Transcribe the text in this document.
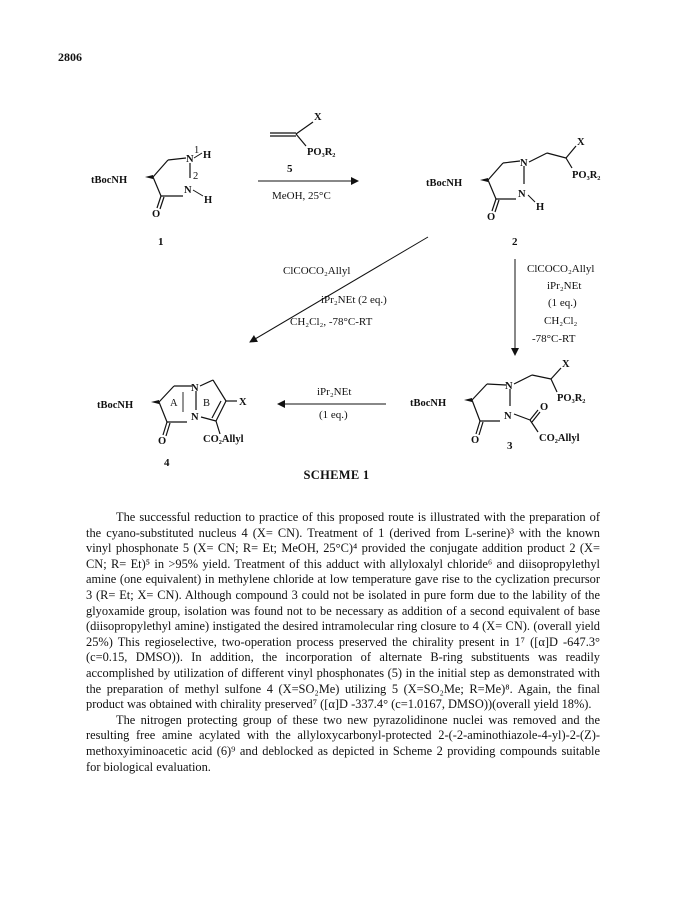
2806
X
PO₃R₂
5
MeOH, 25°C
tBocNH
O
N
1 H
2
N
H
1
tBocNH
O
N
X
PO₃R₂
N
H
2
ClCOCO₂Allyl
iPr₂NEt (2 eq.)
CH₂Cl₂, -78°C-RT
ClCOCO₂Allyl
iPr₂NEt
(1 eq.)
CH₂Cl₂
-78°C-RT
tBocNH
O
N
X
PO₃R₂
N
O
CO₂Allyl
3
iPr₂NEt
(1 eq.)
tBocNH
O
N
N
X
CO₂Allyl
A B
4
SCHEME 1

The successful reduction to practice of this proposed route is illustrated with the preparation of the cyano-substituted nucleus 4 (X= CN). Treatment of 1 (derived from L-serine)³ with the known vinyl phosphonate 5 (X= CN; R= Et; MeOH, 25°C)⁴ provided the conjugate addition product 2 (X= CN; R= Et)⁵ in >95% yield. Treatment of this adduct with allyloxalyl chloride⁶ and diisopropylethyl amine (one equivalent) in methylene chloride at low temperature gave rise to the cyclization precursor 3 (R= Et; X= CN). Although compound 3 could not be isolated in pure form due to the lability of the glyoxamide group, isolation was found not to be necessary as addition of a second equivalent of base (diisopropylethyl amine) instigated the desired intramolecular ring closure to 4 (X= CN). (overall yield 25%) This regioselective, two-operation process preserved the chirality present in 1⁷ ([α]D -647.3° (c=0.15, DMSO)). In addition, the incorporation of alternate B-ring substituents was readily accomplished by utilization of different vinyl phosphonates (5) in the initial step as demonstrated with the preparation of methyl sulfone 4 (X=SO₂Me) utilizing 5 (X=SO₂Me; R=Me)⁸. Again, the final product was obtained with chirality preserved⁷ ([α]D -337.4° (c=1.0167, DMSO))(overall yield 18%).

The nitrogen protecting group of these two new pyrazolidinone nuclei was removed and the resulting free amine acylated with the allyloxycarbonyl-protected 2-(-2-aminothiazole-4-yl)-2-(Z)-methoxyiminoacetic acid (6)⁹ and deblocked as depicted in Scheme 2 providing compounds suitable for biological evaluation.
